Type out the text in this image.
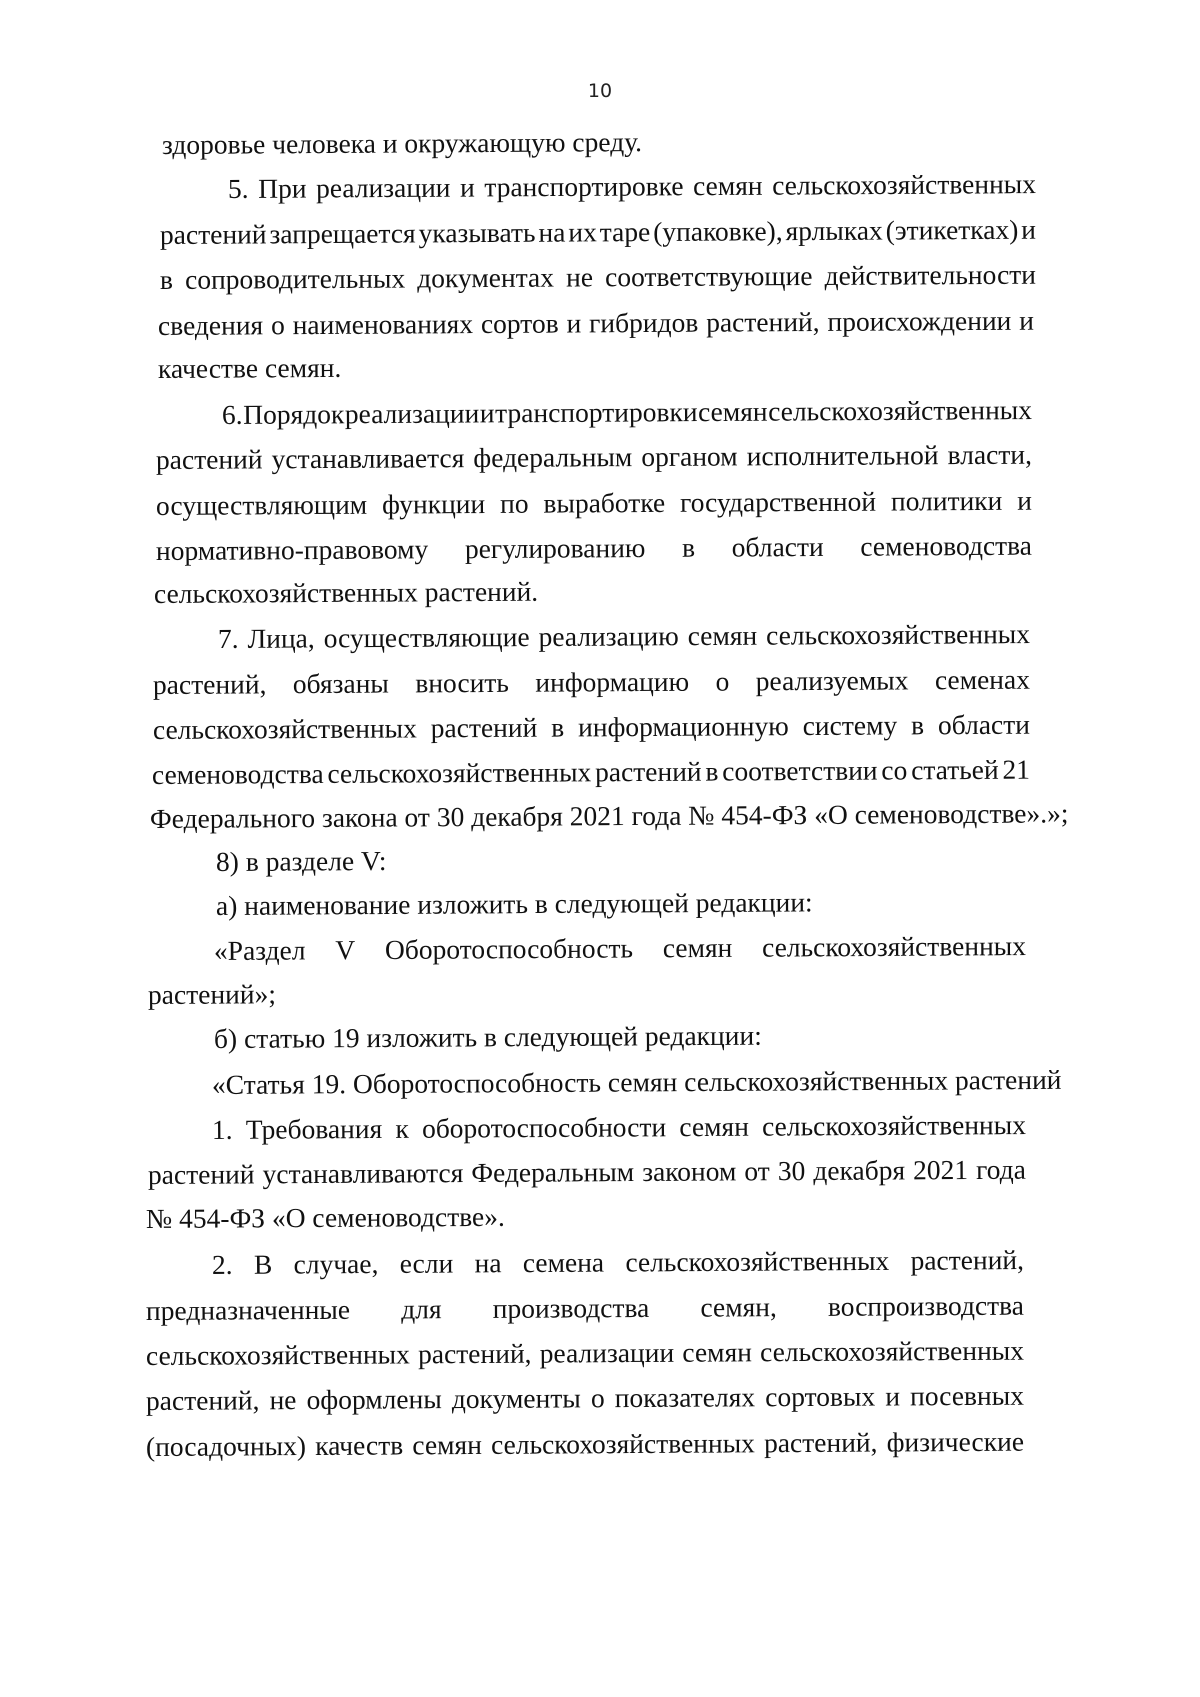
10
здоровье человека и окружающую среду.
5. При реализации и транспортировке семян сельскохозяйственных
растений запрещается указывать на их таре (упаковке), ярлыках (этикетках) и
в сопроводительных документах не соответствующие действительности
сведения о наименованиях сортов и гибридов растений, происхождении и
качестве семян.
6. Порядок реализации и транспортировки семян сельскохозяйственных
растений устанавливается федеральным органом исполнительной власти,
осуществляющим функции по выработке государственной политики и
нормативно-правовому регулированию в области семеноводства
сельскохозяйственных растений.
7. Лица, осуществляющие реализацию семян сельскохозяйственных
растений, обязаны вносить информацию о реализуемых семенах
сельскохозяйственных растений в информационную систему в области
семеноводства сельскохозяйственных растений в соответствии со статьей 21
Федерального закона от 30 декабря 2021 года № 454-ФЗ «О семеноводстве».»;
8) в разделе V:
а) наименование изложить в следующей редакции:
«Раздел V Оборотоспособность семян сельскохозяйственных
растений»;
б) статью 19 изложить в следующей редакции:
«Статья 19. Оборотоспособность семян сельскохозяйственных растений
1. Требования к оборотоспособности семян сельскохозяйственных
растений устанавливаются Федеральным законом от 30 декабря 2021 года
№ 454-ФЗ «О семеноводстве».
2. В случае, если на семена сельскохозяйственных растений,
предназначенные для производства семян, воспроизводства
сельскохозяйственных растений, реализации семян сельскохозяйственных
растений, не оформлены документы о показателях сортовых и посевных
(посадочных) качеств семян сельскохозяйственных растений, физические
